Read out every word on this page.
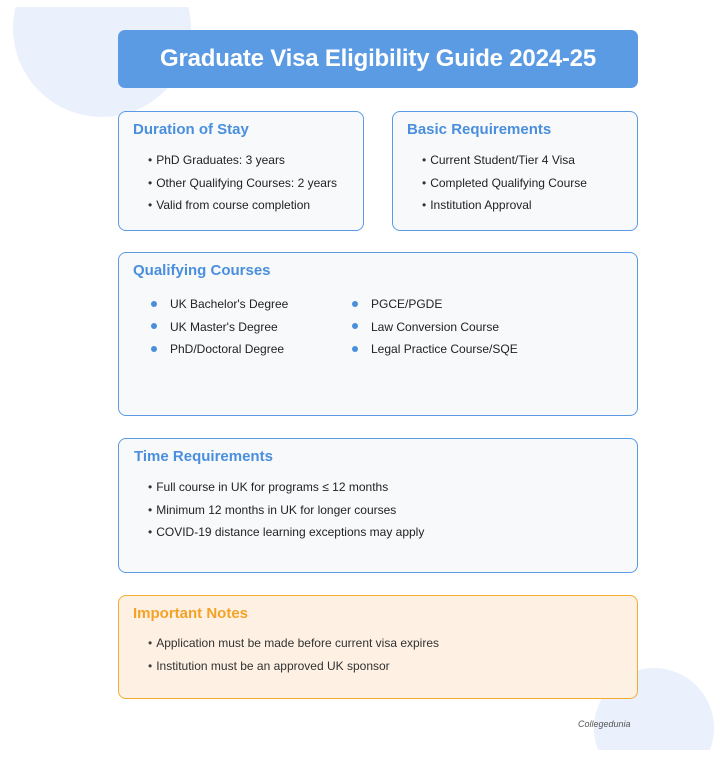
Graduate Visa Eligibility Guide 2024-25
Duration of Stay
• PhD Graduates: 3 years
• Other Qualifying Courses: 2 years
• Valid from course completion
Basic Requirements
• Current Student/Tier 4 Visa
• Completed Qualifying Course
• Institution Approval
Qualifying Courses
UK Bachelor's Degree
UK Master's Degree
PhD/Doctoral Degree
PGCE/PGDE
Law Conversion Course
Legal Practice Course/SQE
Time Requirements
• Full course in UK for programs ≤ 12 months
• Minimum 12 months in UK for longer courses
• COVID-19 distance learning exceptions may apply
Important Notes
• Application must be made before current visa expires
• Institution must be an approved UK sponsor
Collegedunia
